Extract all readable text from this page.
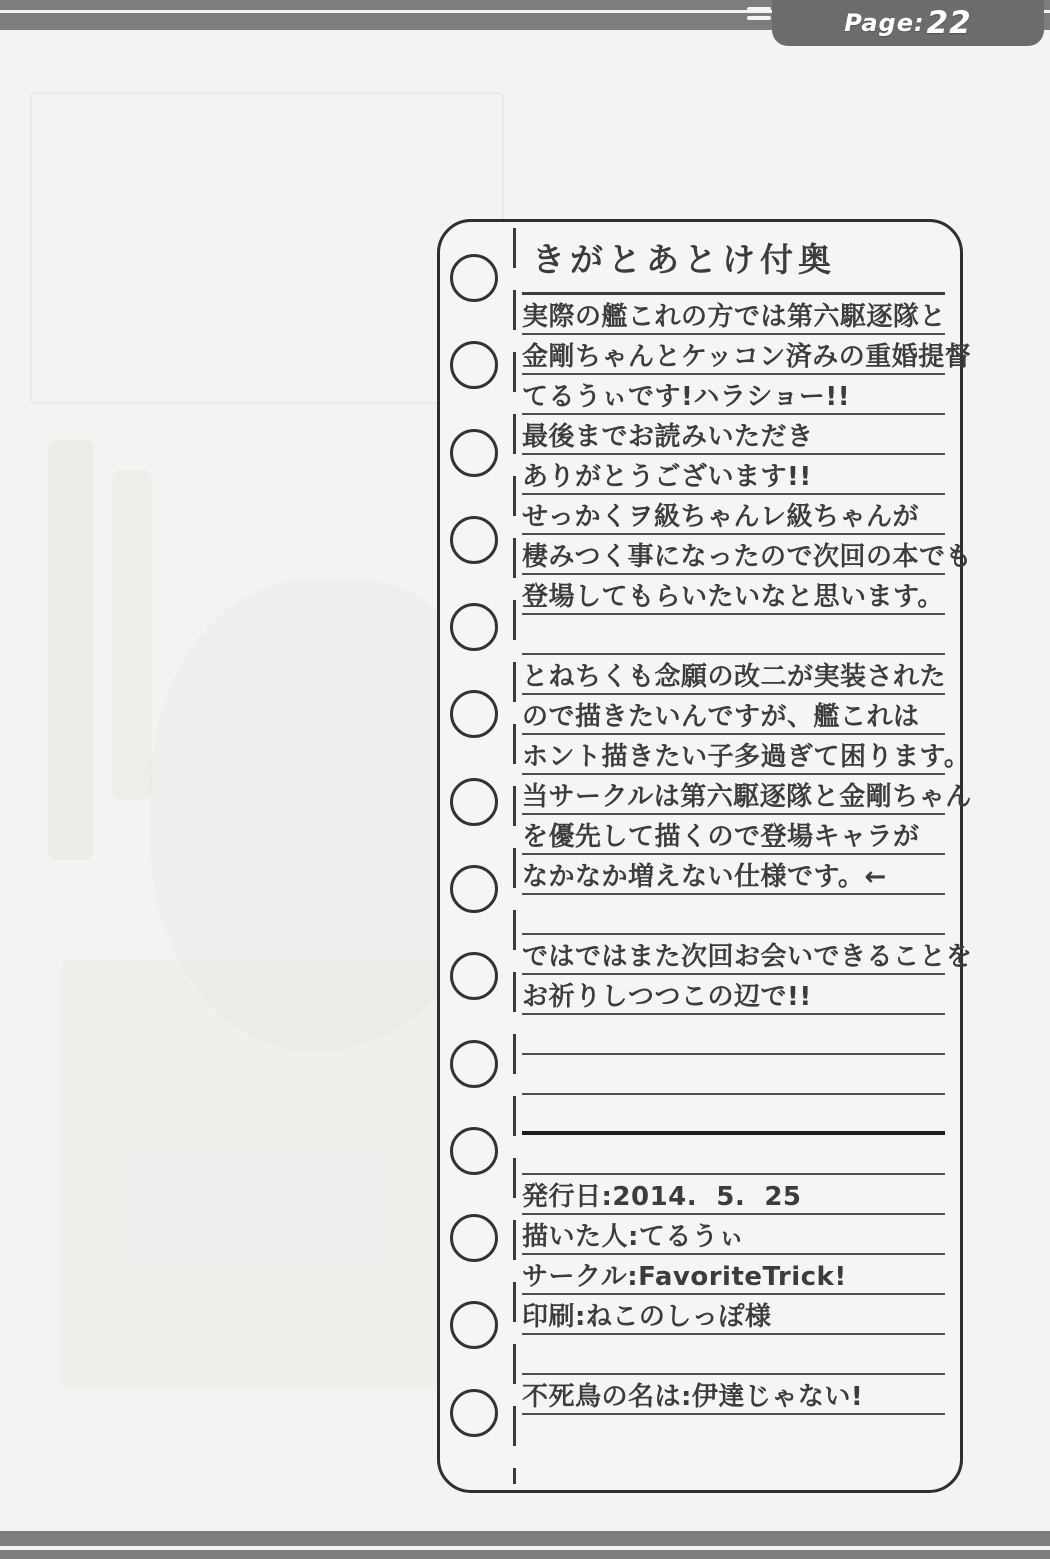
Page: 22
きがとあとけ付奥
実際の艦これの方では第六駆逐隊と
金剛ちゃんとケッコン済みの重婚提督
てるうぃです!ハラショー!!
最後までお読みいただき
ありがとうございます!!
せっかくヲ級ちゃんレ級ちゃんが
棲みつく事になったので次回の本でも
登場してもらいたいなと思います。
とねちくも念願の改二が実装された
ので描きたいんですが、艦これは
ホント描きたい子多過ぎて困ります。
当サークルは第六駆逐隊と金剛ちゃん
を優先して描くので登場キャラが
なかなか増えない仕様です。←
ではではまた次回お会いできることを
お祈りしつつこの辺で!!
発行日:2014.  5.  25
描いた人:てるうぃ
サークル:FavoriteTrick!
印刷:ねこのしっぽ様
不死鳥の名は:伊達じゃない!
